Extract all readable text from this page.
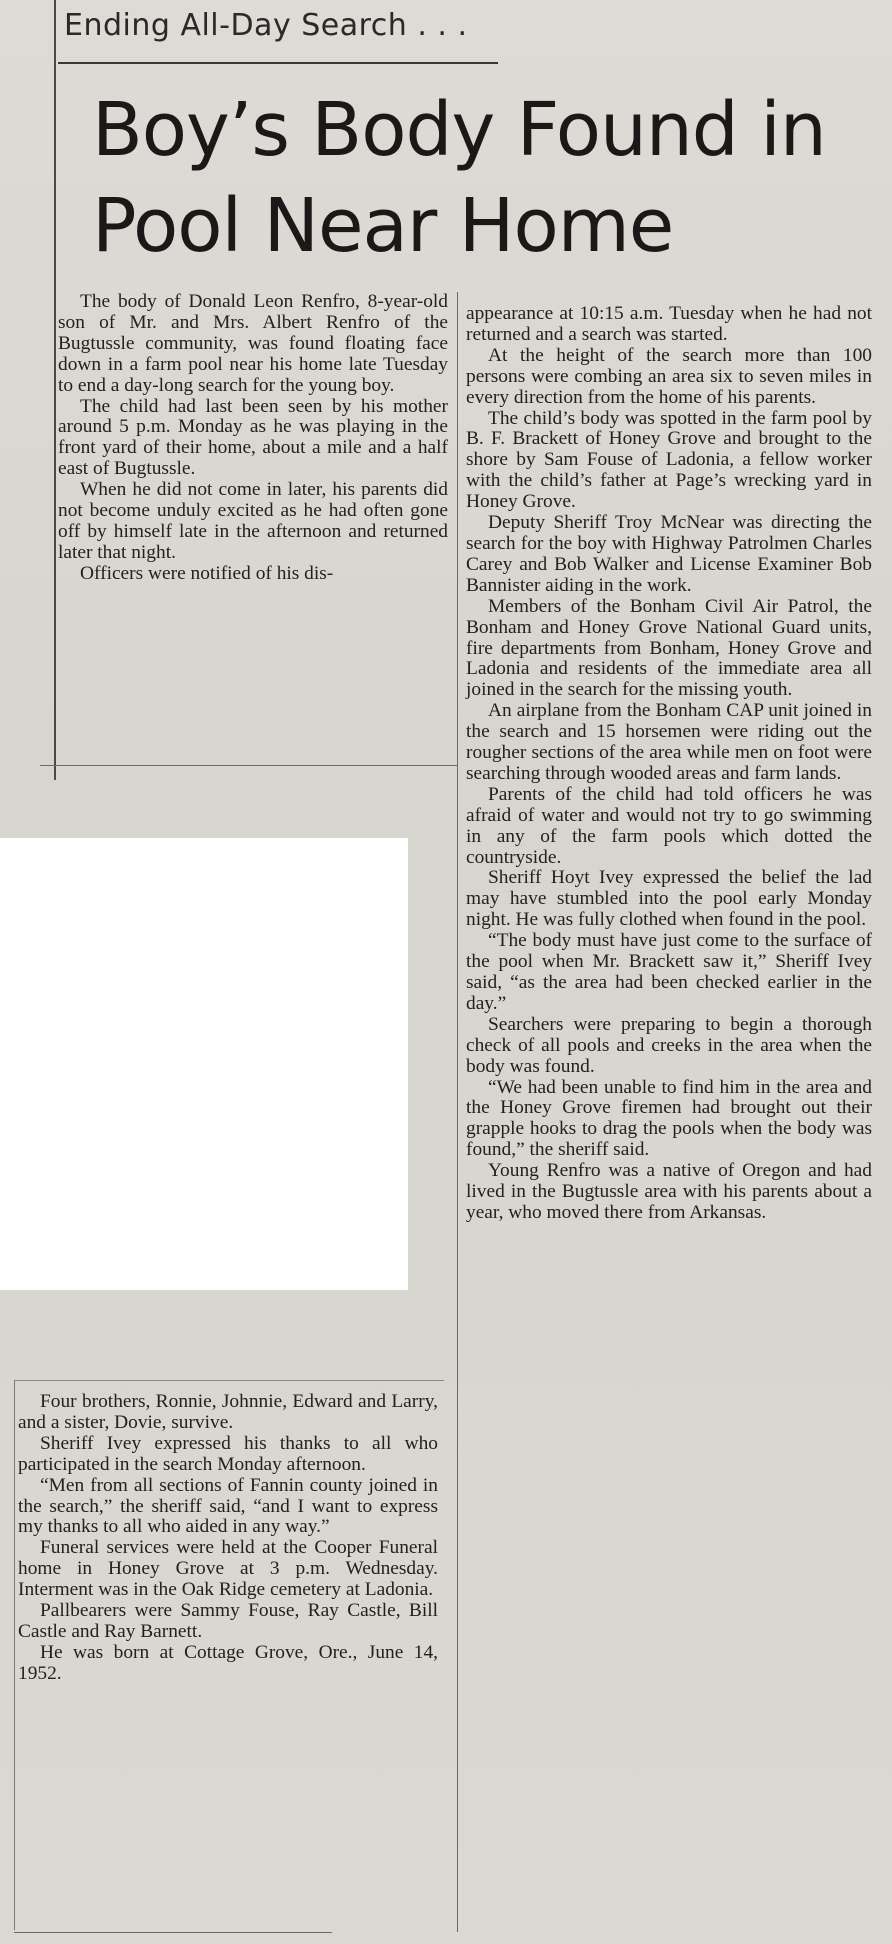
Ending All-Day Search . . .
Boy’s Body Found in
Pool Near Home

The body of Donald Leon Renfro, 8-year-old son of Mr. and Mrs. Albert Renfro of the Bugtussle community, was found floating face down in a farm pool near his home late Tuesday to end a day-long search for the young boy.

The child had last been seen by his mother around 5 p.m. Monday as he was playing in the front yard of their home, about a mile and a half east of Bugtussle.

When he did not come in later, his parents did not become unduly excited as he had often gone off by himself late in the afternoon and returned later that night.

Officers were notified of his dis-

appearance at 10:15 a.m. Tuesday when he had not returned and a search was started.

At the height of the search more than 100 persons were combing an area six to seven miles in every direction from the home of his parents.

The child’s body was spotted in the farm pool by B. F. Brackett of Honey Grove and brought to the shore by Sam Fouse of Ladonia, a fellow worker with the child’s father at Page’s wrecking yard in Honey Grove.

Deputy Sheriff Troy McNear was directing the search for the boy with Highway Patrolmen Charles Carey and Bob Walker and License Examiner Bob Bannister aiding in the work.

Members of the Bonham Civil Air Patrol, the Bonham and Honey Grove National Guard units, fire departments from Bonham, Honey Grove and Ladonia and residents of the immediate area all joined in the search for the missing youth.

An airplane from the Bonham CAP unit joined in the search and 15 horsemen were riding out the rougher sections of the area while men on foot were searching through wooded areas and farm lands.

Parents of the child had told officers he was afraid of water and would not try to go swimming in any of the farm pools which dotted the countryside.

Sheriff Hoyt Ivey expressed the belief the lad may have stumbled into the pool early Monday night. He was fully clothed when found in the pool.

“The body must have just come to the surface of the pool when Mr. Brackett saw it,” Sheriff Ivey said, “as the area had been checked earlier in the day.”

Searchers were preparing to begin a thorough check of all pools and creeks in the area when the body was found.

“We had been unable to find him in the area and the Honey Grove firemen had brought out their grapple hooks to drag the pools when the body was found,” the sheriff said.

Young Renfro was a native of Oregon and had lived in the Bugtussle area with his parents about a year, who moved there from Arkansas.

Four brothers, Ronnie, Johnnie, Edward and Larry, and a sister, Dovie, survive.

Sheriff Ivey expressed his thanks to all who participated in the search Monday afternoon.

“Men from all sections of Fannin county joined in the search,” the sheriff said, “and I want to express my thanks to all who aided in any way.”

Funeral services were held at the Cooper Funeral home in Honey Grove at 3 p.m. Wednesday. Interment was in the Oak Ridge cemetery at Ladonia.

Pallbearers were Sammy Fouse, Ray Castle, Bill Castle and Ray Barnett.

He was born at Cottage Grove, Ore., June 14, 1952.
